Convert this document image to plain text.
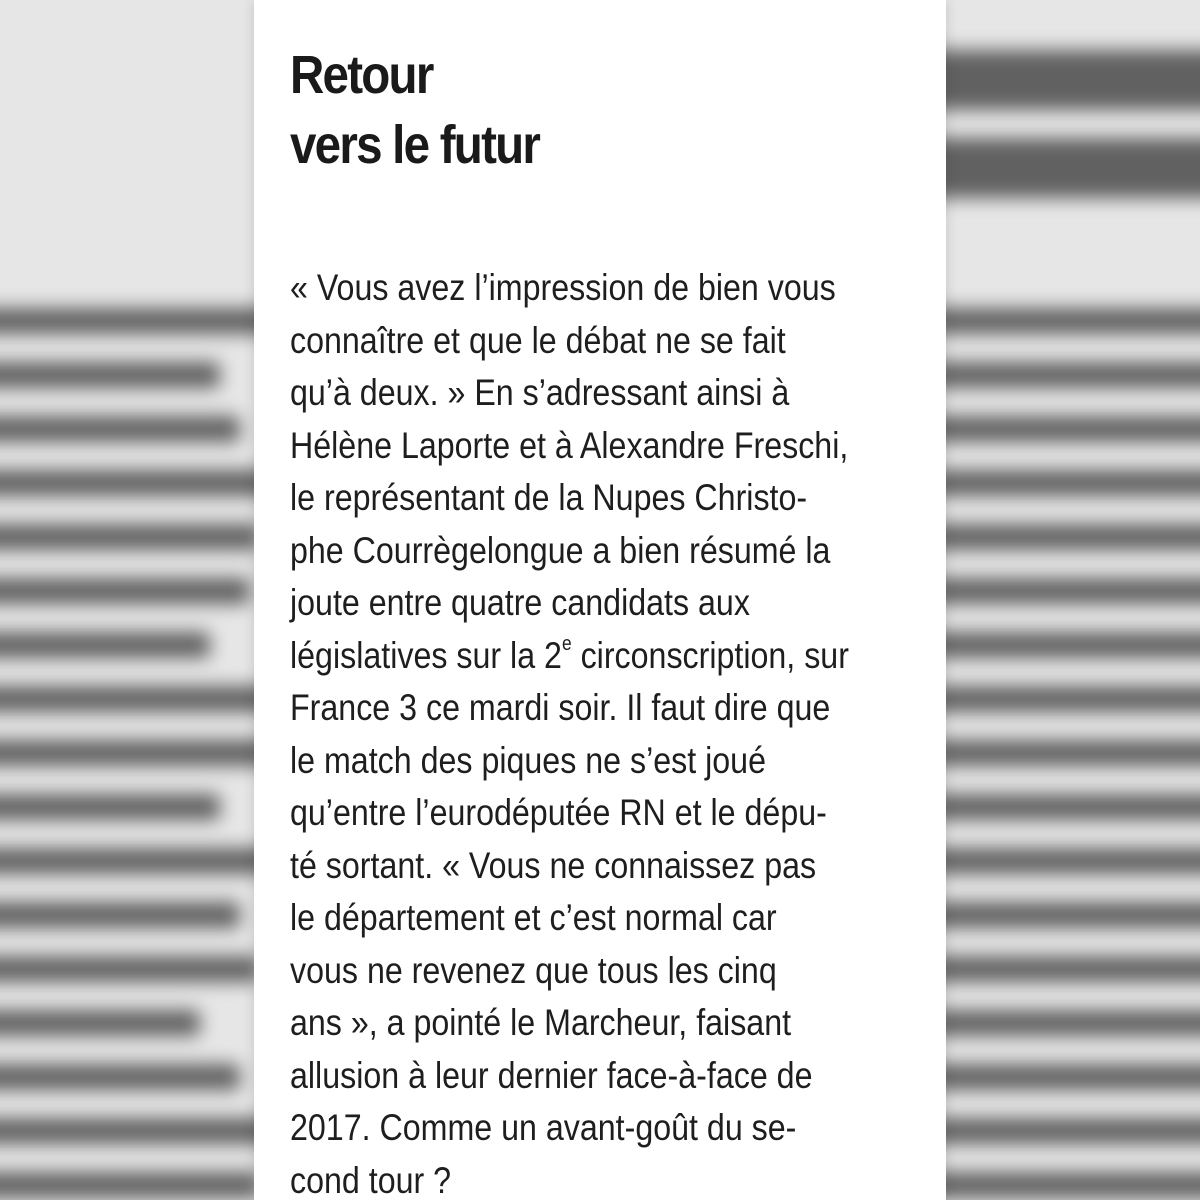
Retour
vers le futur
« Vous avez l’impression de bien vous
connaître et que le débat ne se fait
qu’à deux. » En s’adressant ainsi à
Hélène Laporte et à Alexandre Freschi,
le représentant de la Nupes Christo-
phe Courrègelongue a bien résumé la
joute entre quatre candidats aux
législatives sur la 2e circonscription, sur
France 3 ce mardi soir. Il faut dire que
le match des piques ne s’est joué
qu’entre l’eurodéputée RN et le dépu-
té sortant. « Vous ne connaissez pas
le département et c’est normal car
vous ne revenez que tous les cinq
ans », a pointé le Marcheur, faisant
allusion à leur dernier face-à-face de
2017. Comme un avant-goût du se-
cond tour ?
